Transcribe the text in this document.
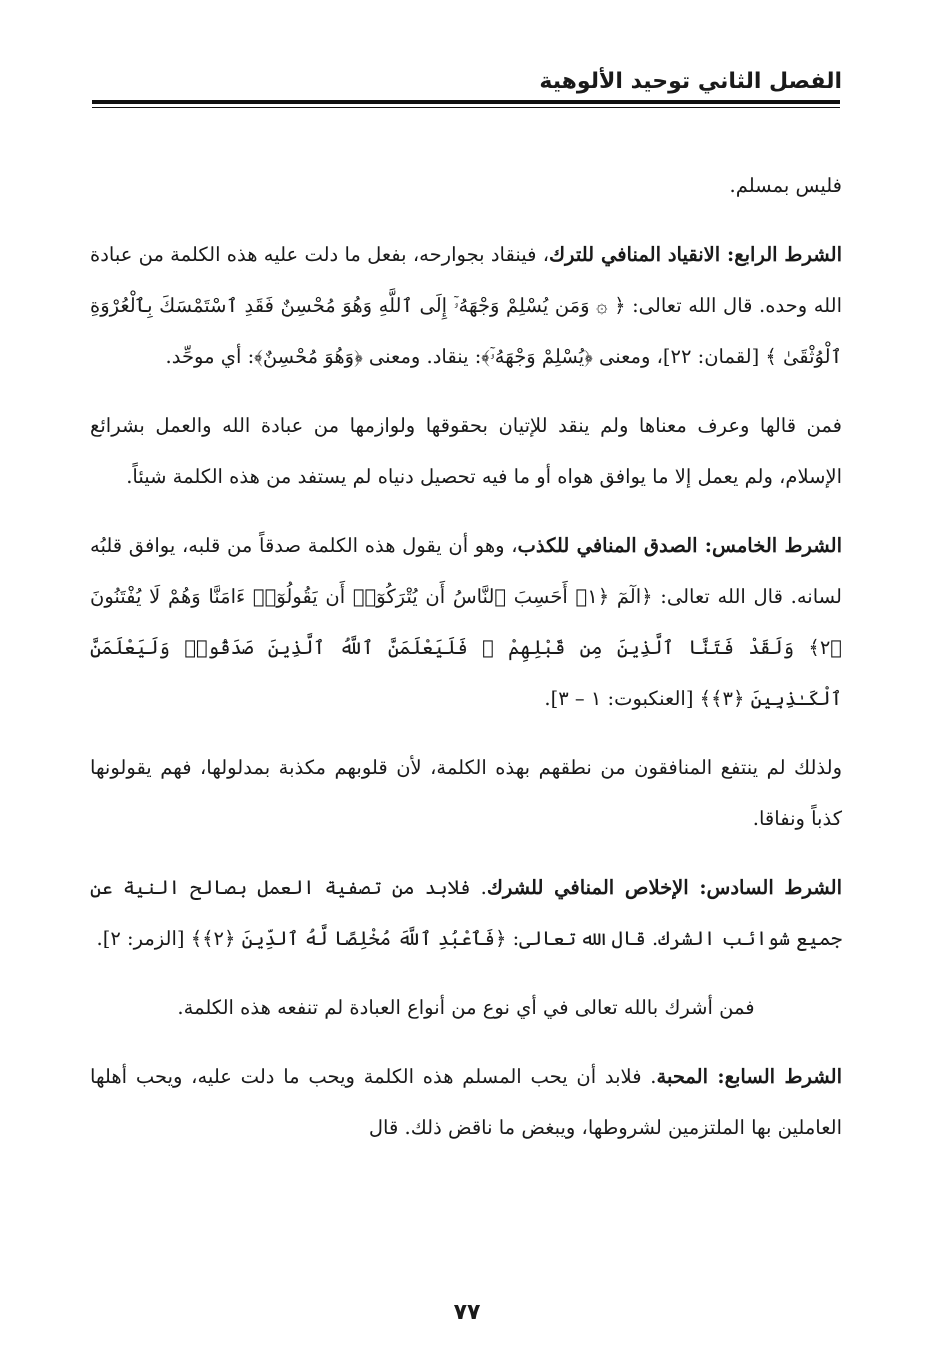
الفصل الثاني توحيد الألوهية

فليس بمسلم.

الشرط الرابع: الانقياد المنافي للترك، فينقاد بجوارحه، بفعل ما دلت عليه هذه الكلمة من عبادة الله وحده. قال الله تعالى: ﴿ ۞ وَمَن يُسْلِمْ وَجْهَهُۥٓ إِلَى ٱللَّهِ وَهُوَ مُحْسِنٌ فَقَدِ ٱسْتَمْسَكَ بِٱلْعُرْوَةِ ٱلْوُثْقَىٰ ﴾ [لقمان: ٢٢]، ومعنى ﴿يُسْلِمْ وَجْهَهُۥٓ﴾: ينقاد. ومعنى ﴿وَهُوَ مُحْسِنٌ﴾: أي موحِّد.

فمن قالها وعرف معناها ولم ينقد للإتيان بحقوقها ولوازمها من عبادة الله والعمل بشرائع الإسلام، ولم يعمل إلا ما يوافق هواه أو ما فيه تحصيل دنياه لم يستفد من هذه الكلمة شيئاً.

الشرط الخامس: الصدق المنافي للكذب، وهو أن يقول هذه الكلمة صدقاً من قلبه، يوافق قلبُه لسانه. قال الله تعالى: ﴿الٓمٓ ﴿١﴾ أَحَسِبَ ٱلنَّاسُ أَن يُتْرَكُوٓا۟ أَن يَقُولُوٓا۟ ءَامَنَّا وَهُمْ لَا يُفْتَنُونَ ﴿٢﴾ وَلَقَدْ فَتَنَّا ٱلَّذِينَ مِن قَبْلِهِمْ ۖ فَلَيَعْلَمَنَّ ٱللَّهُ ٱلَّذِينَ صَدَقُوا۟ وَلَيَعْلَمَنَّ ٱلْكَـٰذِبِينَ ﴿٣﴾﴾ [العنكبوت: ١ – ٣].

ولذلك لم ينتفع المنافقون من نطقهم بهذه الكلمة، لأن قلوبهم مكذبة بمدلولها، فهم يقولونها كذباً ونفاقا.

الشرط السادس: الإخلاص المنافي للشرك. فلابد من تصفية العمل بصالح النية عن جميع شوائب الشرك. قال الله تعالى: ﴿فَٱعْبُدِ ٱللَّهَ مُخْلِصًا لَّهُ ٱلدِّينَ ﴿٢﴾﴾ [الزمر: ٢].

فمن أشرك بالله تعالى في أي نوع من أنواع العبادة لم تنفعه هذه الكلمة.

الشرط السابع: المحبة. فلابد أن يحب المسلم هذه الكلمة ويحب ما دلت عليه، ويحب أهلها العاملين بها الملتزمين لشروطها، ويبغض ما ناقض ذلك. قال

٧٧
